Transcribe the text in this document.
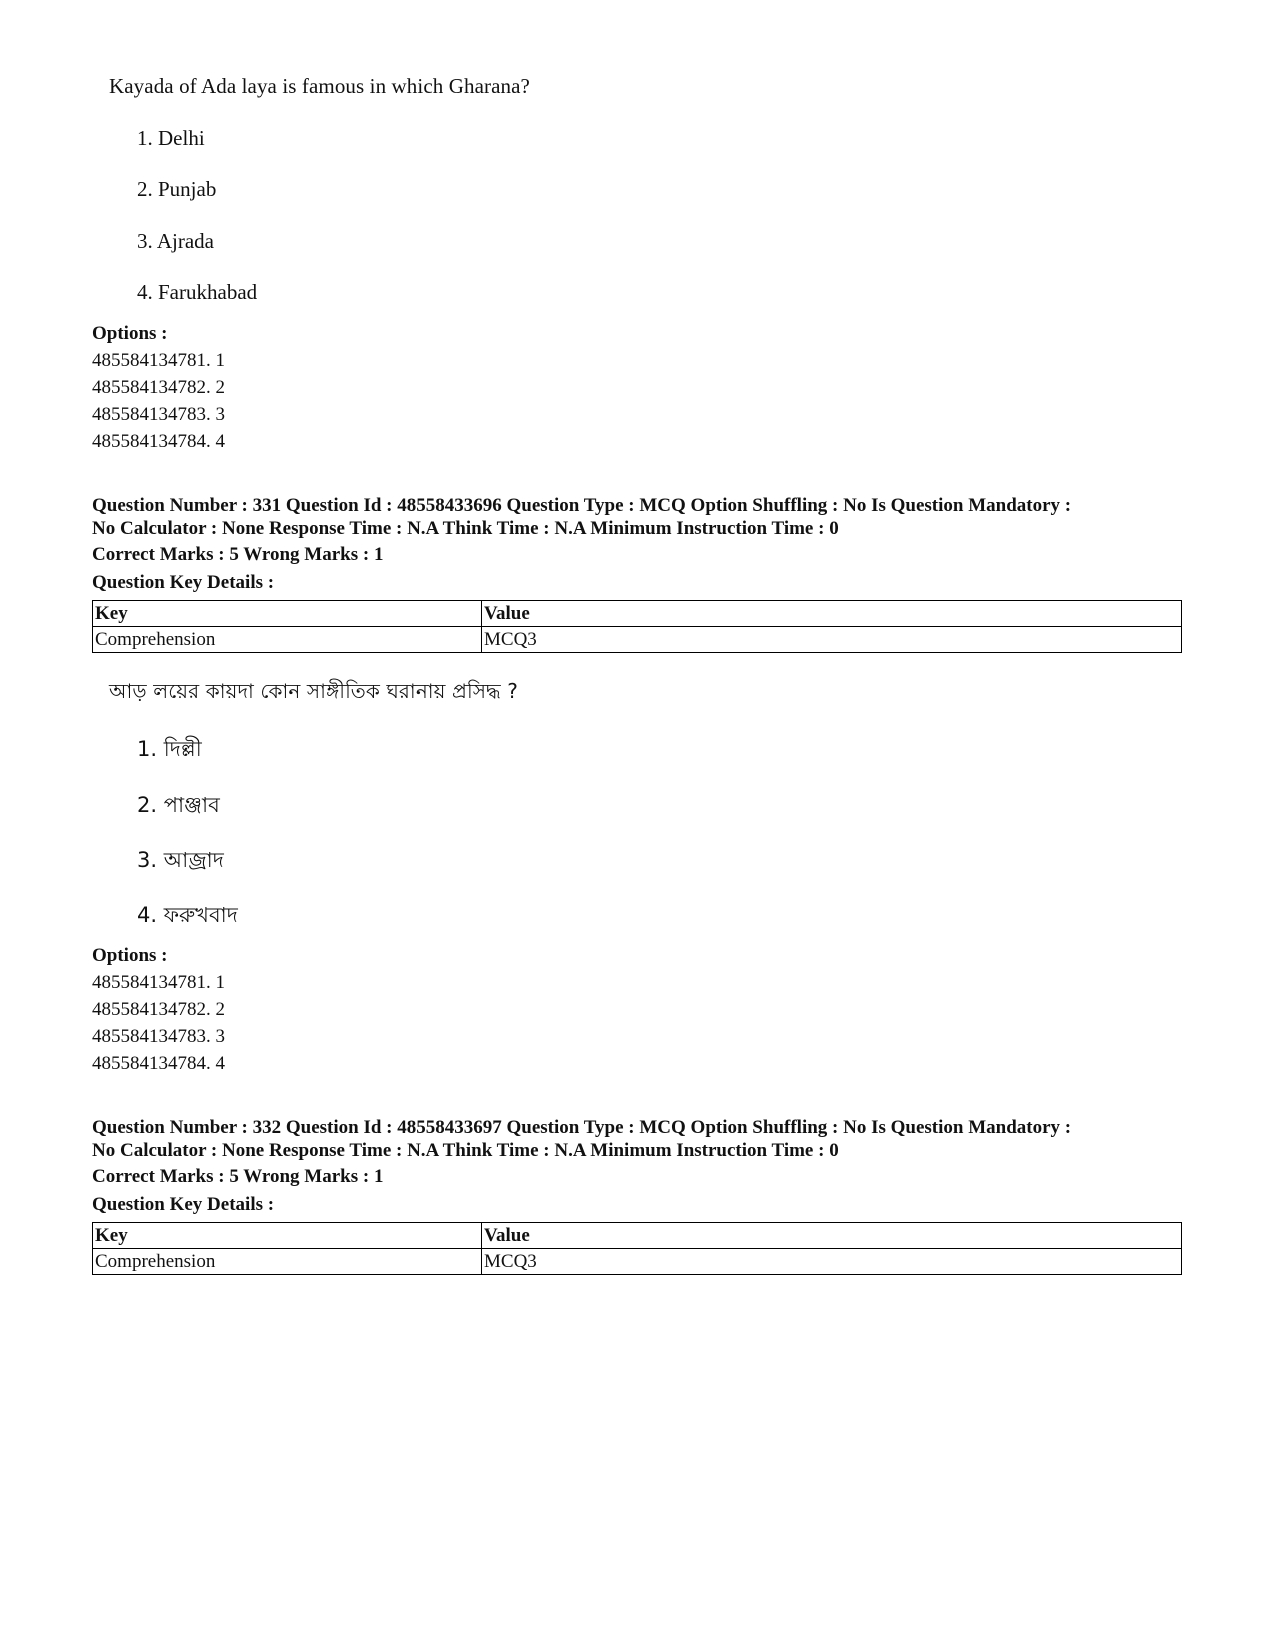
Kayada of Ada laya is famous in which Gharana?
1. Delhi
2. Punjab
3. Ajrada
4. Farukhabad
Options :
485584134781. 1
485584134782. 2
485584134783. 3
485584134784. 4
Question Number : 331 Question Id : 48558433696 Question Type : MCQ Option Shuffling : No Is Question Mandatory :
No Calculator : None Response Time : N.A Think Time : N.A Minimum Instruction Time : 0
Correct Marks : 5 Wrong Marks : 1
Question Key Details :
Key	Value
Comprehension	MCQ3
আড় লয়ের কায়দা কোন সাঙ্গীতিক ঘরানায় প্রসিদ্ধ ?
1. দিল্লী
2. পাঞ্জাব
3. আজ্রাদ
4. ফরুখবাদ
Options :
485584134781. 1
485584134782. 2
485584134783. 3
485584134784. 4
Question Number : 332 Question Id : 48558433697 Question Type : MCQ Option Shuffling : No Is Question Mandatory :
No Calculator : None Response Time : N.A Think Time : N.A Minimum Instruction Time : 0
Correct Marks : 5 Wrong Marks : 1
Question Key Details :
Key	Value
Comprehension	MCQ3
